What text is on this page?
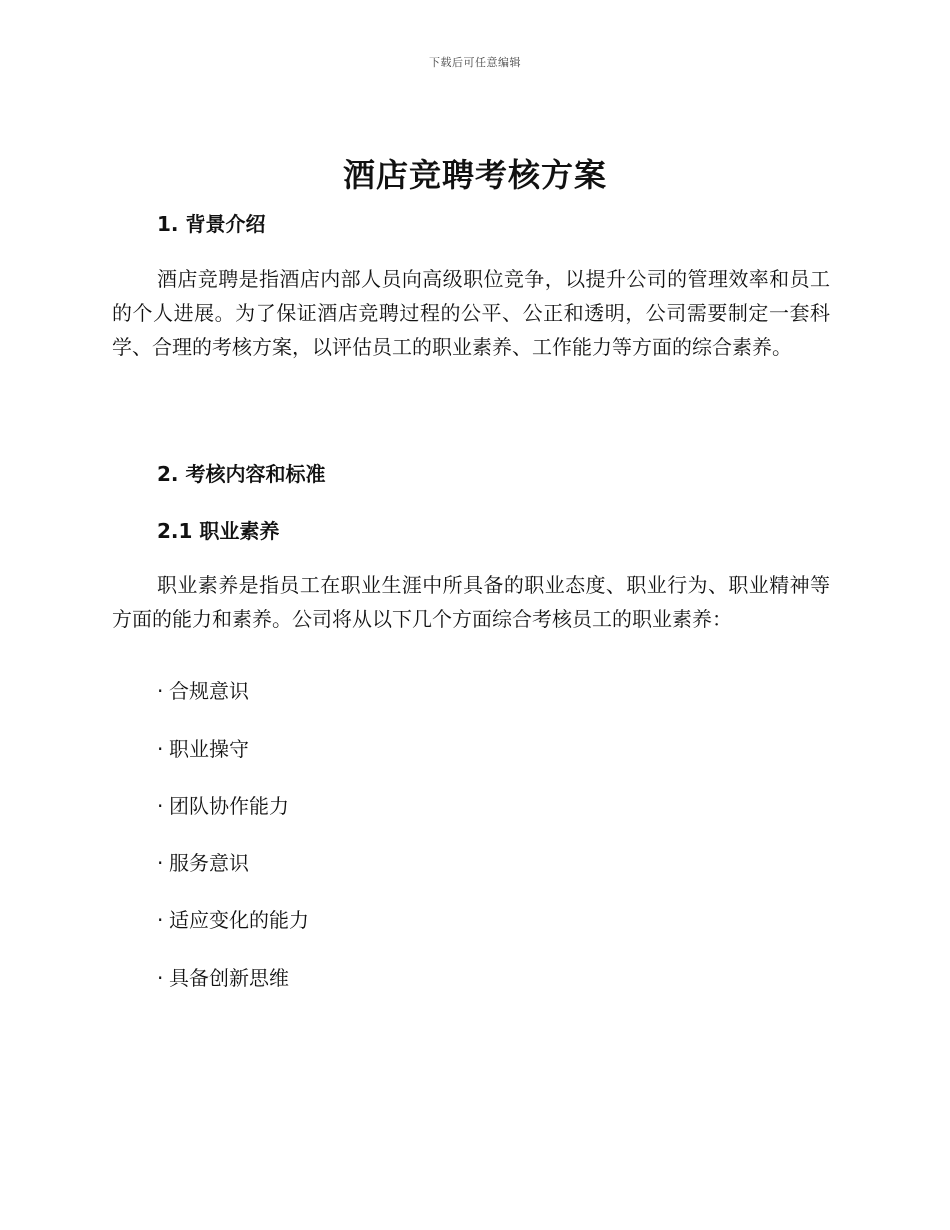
下载后可任意编辑
酒店竞聘考核方案
1. 背景介绍

酒店竞聘是指酒店内部人员向高级职位竞争，以提升公司的管理效率和员工的个人进展。为了保证酒店竞聘过程的公平、公正和透明，公司需要制定一套科学、合理的考核方案，以评估员工的职业素养、工作能力等方面的综合素养。

2. 考核内容和标准
2.1 职业素养

职业素养是指员工在职业生涯中所具备的职业态度、职业行为、职业精神等方面的能力和素养。公司将从以下几个方面综合考核员工的职业素养：

· 合规意识
· 职业操守
· 团队协作能力
· 服务意识
· 适应变化的能力
· 具备创新思维
